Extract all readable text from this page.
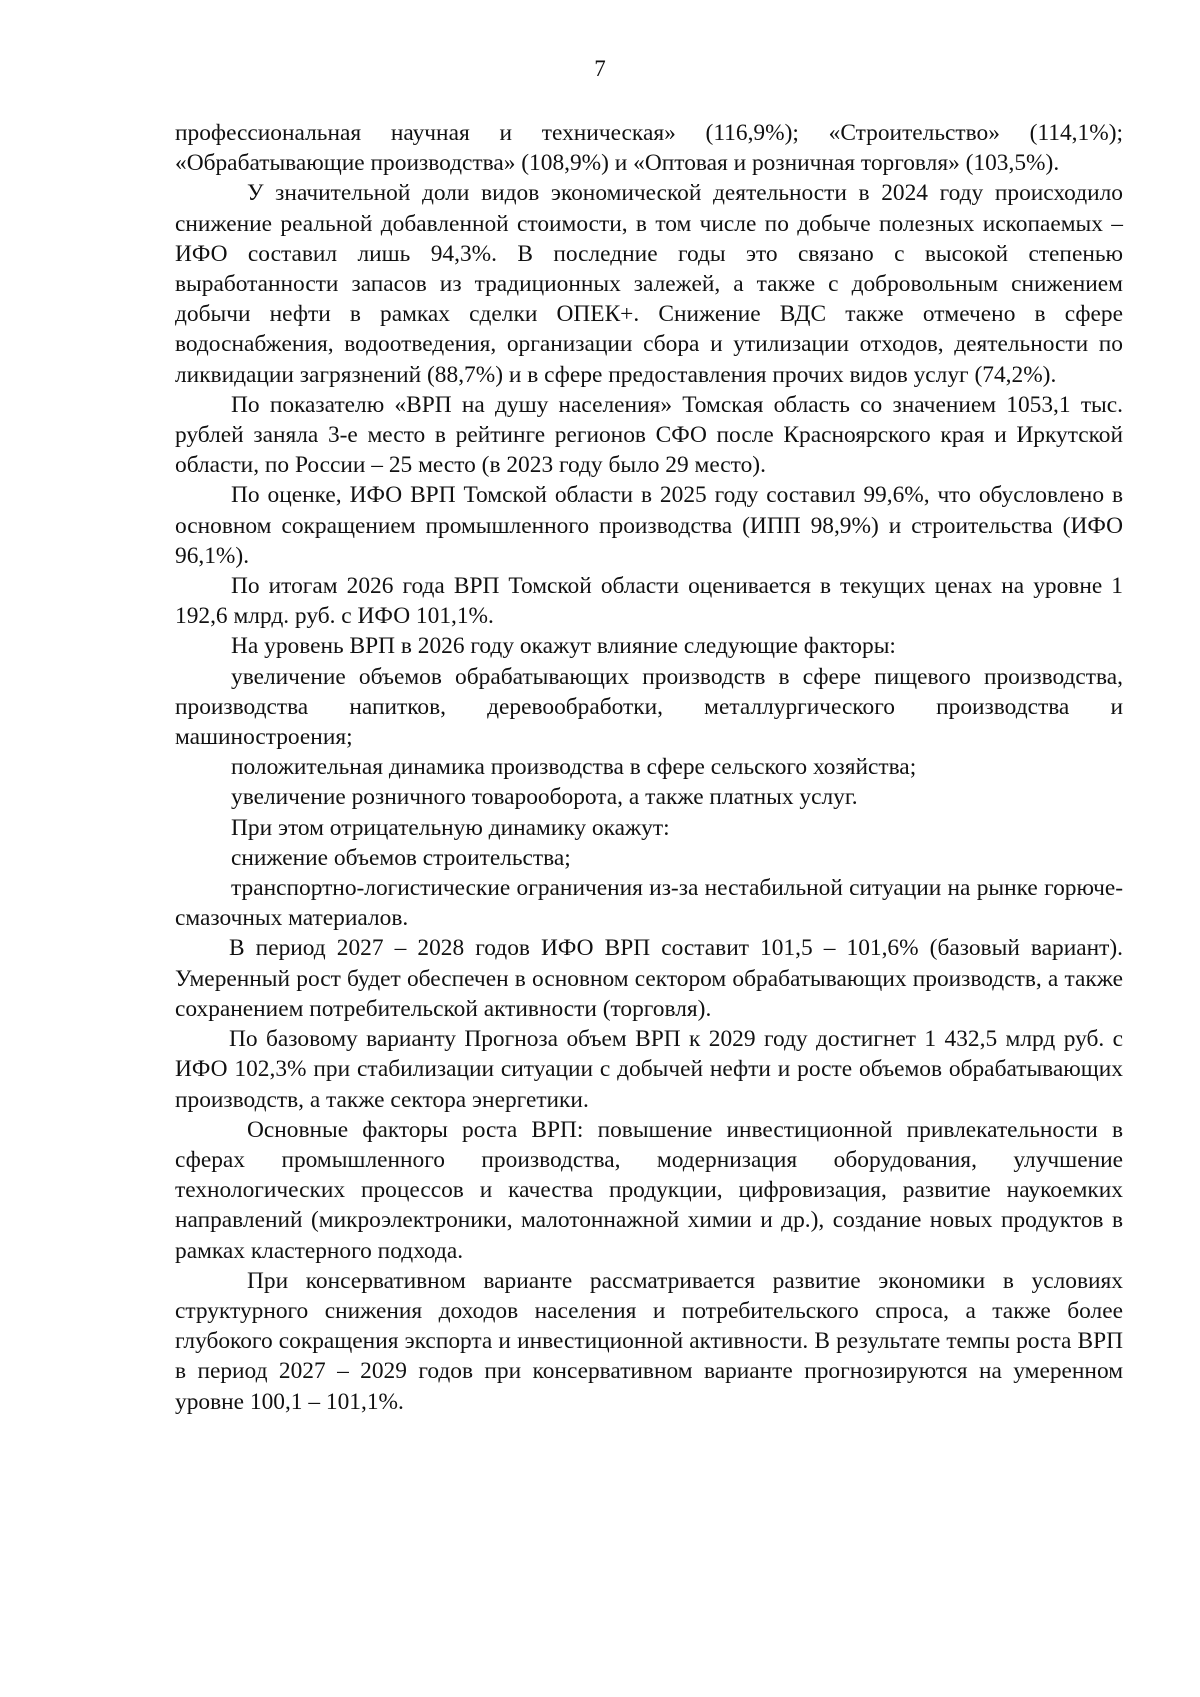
7

профессиональная научная и техническая» (116,9%); «Строительство» (114,1%); «Обрабатывающие производства» (108,9%) и «Оптовая и розничная торговля» (103,5%).

У значительной доли видов экономической деятельности в 2024 году происходило снижение реальной добавленной стоимости, в том числе по добыче полезных ископаемых – ИФО составил лишь 94,3%. В последние годы это связано с высокой степенью выработанности запасов из традиционных залежей, а также с добровольным снижением добычи нефти в рамках сделки ОПЕК+. Снижение ВДС также отмечено в сфере водоснабжения, водоотведения, организации сбора и утилизации отходов, деятельности по ликвидации загрязнений (88,7%) и в сфере предоставления прочих видов услуг (74,2%).

По показателю «ВРП на душу населения» Томская область со значением 1053,1 тыс. рублей заняла 3-е место в рейтинге регионов СФО после Красноярского края и Иркутской области, по России – 25 место (в 2023 году было 29 место).

По оценке, ИФО ВРП Томской области в 2025 году составил 99,6%, что обусловлено в основном сокращением промышленного производства (ИПП 98,9%) и строительства (ИФО 96,1%).

По итогам 2026 года ВРП Томской области оценивается в текущих ценах на уровне 1 192,6 млрд. руб. с ИФО 101,1%.

На уровень ВРП в 2026 году окажут влияние следующие факторы:

увеличение объемов обрабатывающих производств в сфере пищевого производства, производства напитков, деревообработки, металлургического производства и машиностроения;

положительная динамика производства в сфере сельского хозяйства;

увеличение розничного товарооборота, а также платных услуг.

При этом отрицательную динамику окажут:

снижение объемов строительства;

транспортно-логистические ограничения из-за нестабильной ситуации на рынке горюче-смазочных материалов.

В период 2027 – 2028 годов ИФО ВРП составит 101,5 – 101,6% (базовый вариант). Умеренный рост будет обеспечен в основном сектором обрабатывающих производств, а также сохранением потребительской активности (торговля).

По базовому варианту Прогноза объем ВРП к 2029 году достигнет 1 432,5 млрд руб. с ИФО 102,3% при стабилизации ситуации с добычей нефти и росте объемов обрабатывающих производств, а также сектора энергетики.

Основные факторы роста ВРП: повышение инвестиционной привлекательности в сферах промышленного производства, модернизация оборудования, улучшение технологических процессов и качества продукции, цифровизация, развитие наукоемких направлений (микроэлектроники, малотоннажной химии и др.), создание новых продуктов в рамках кластерного подхода.

При консервативном варианте рассматривается развитие экономики в условиях структурного снижения доходов населения и потребительского спроса, а также более глубокого сокращения экспорта и инвестиционной активности. В результате темпы роста ВРП в период 2027 – 2029 годов при консервативном варианте прогнозируются на умеренном уровне 100,1 – 101,1%.
